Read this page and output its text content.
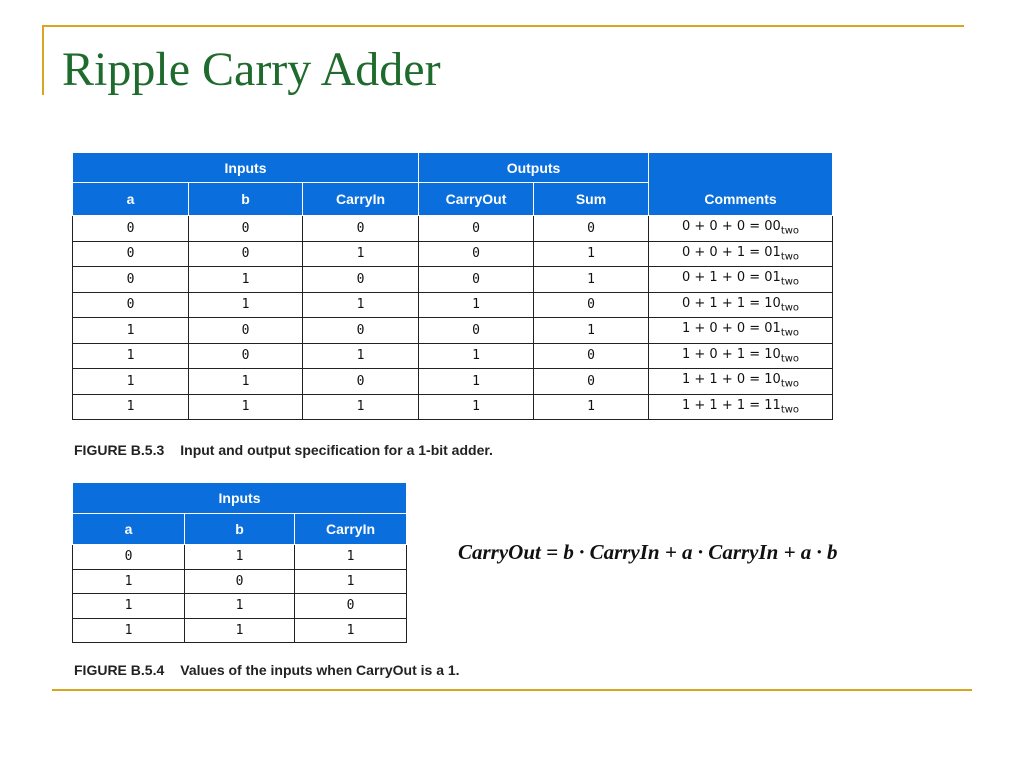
Ripple Carry Adder
Inputs			Outputs		Comments
a	b	CarryIn	CarryOut	Sum	
0	0	0	0	0	$0 + 0 + 0 = 00_{two}$
0	0	1	0	1	$0 + 0 + 1 = 01_{two}$
0	1	0	0	1	$0 + 1 + 0 = 01_{two}$
0	1	1	1	0	$0 + 1 + 1 = 10_{two}$
1	0	0	0	1	$1 + 0 + 0 = 01_{two}$
1	0	1	1	0	$1 + 0 + 1 = 10_{two}$
1	1	0	1	0	$1 + 1 + 0 = 10_{two}$
1	1	1	1	1	$1 + 1 + 1 = 11_{two}$

FIGURE B.5.3 Input and output specification for a 1-bit adder.

Inputs		
a	b	CarryIn
0	1	1
1	0	1
1	1	0
1	1	1

CarryOut = b · CarryIn + a · CarryIn + a · b

FIGURE B.5.4 Values of the inputs when CarryOut is a 1.
